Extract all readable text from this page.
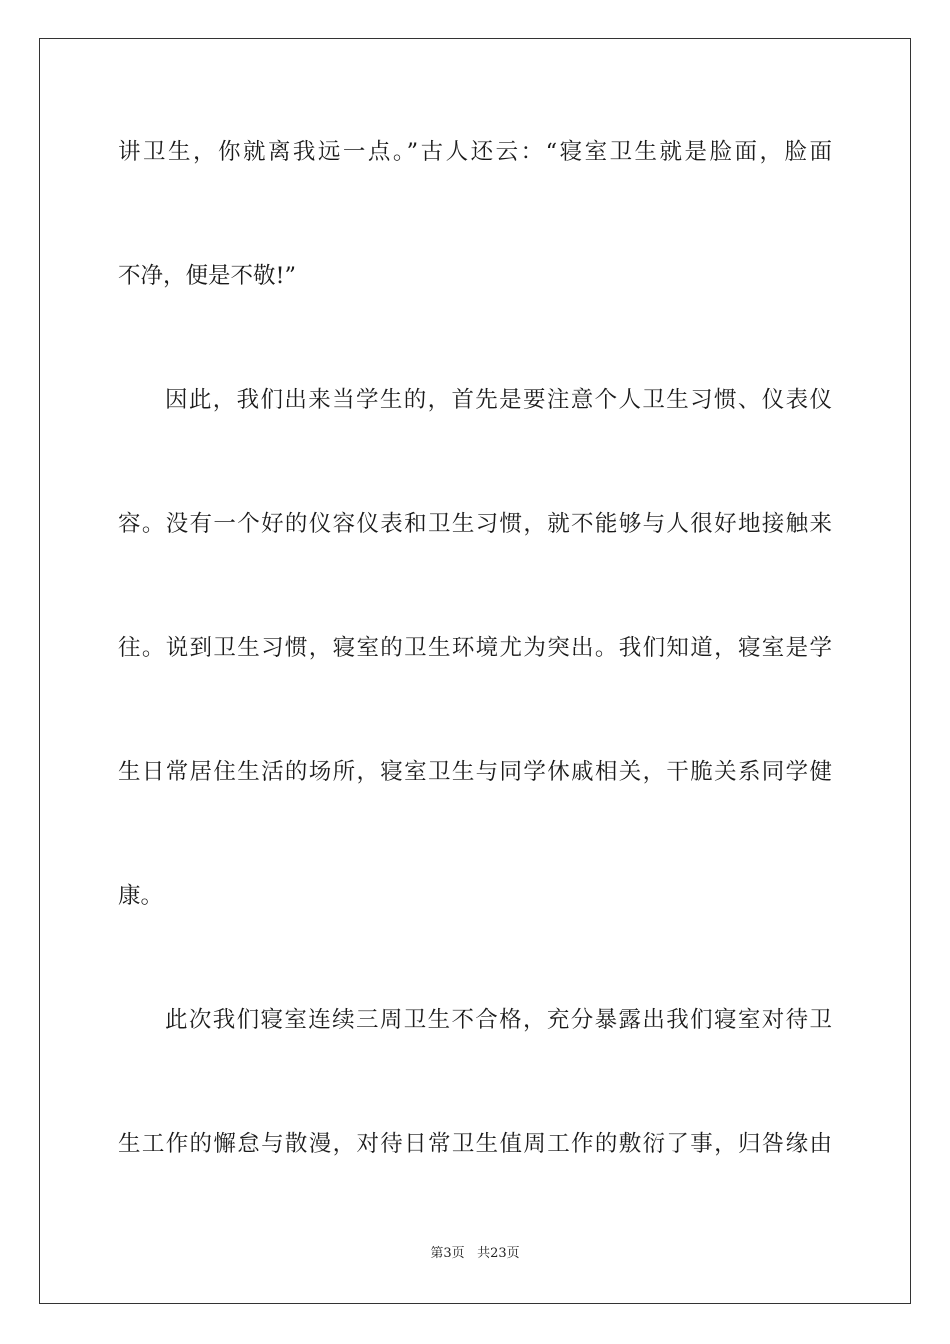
讲卫生，你就离我远一点。”古人还云：“寝室卫生就是脸面，脸面
不净，便是不敬!”
因此，我们出来当学生的，首先是要注意个人卫生习惯、仪表仪
容。没有一个好的仪容仪表和卫生习惯，就不能够与人很好地接触来
往。说到卫生习惯，寝室的卫生环境尤为突出。我们知道，寝室是学
生日常居住生活的场所，寝室卫生与同学休戚相关，干脆关系同学健
康。
此次我们寝室连续三周卫生不合格，充分暴露出我们寝室对待卫
生工作的懈怠与散漫，对待日常卫生值周工作的敷衍了事，归咎缘由
第3页 共23页
